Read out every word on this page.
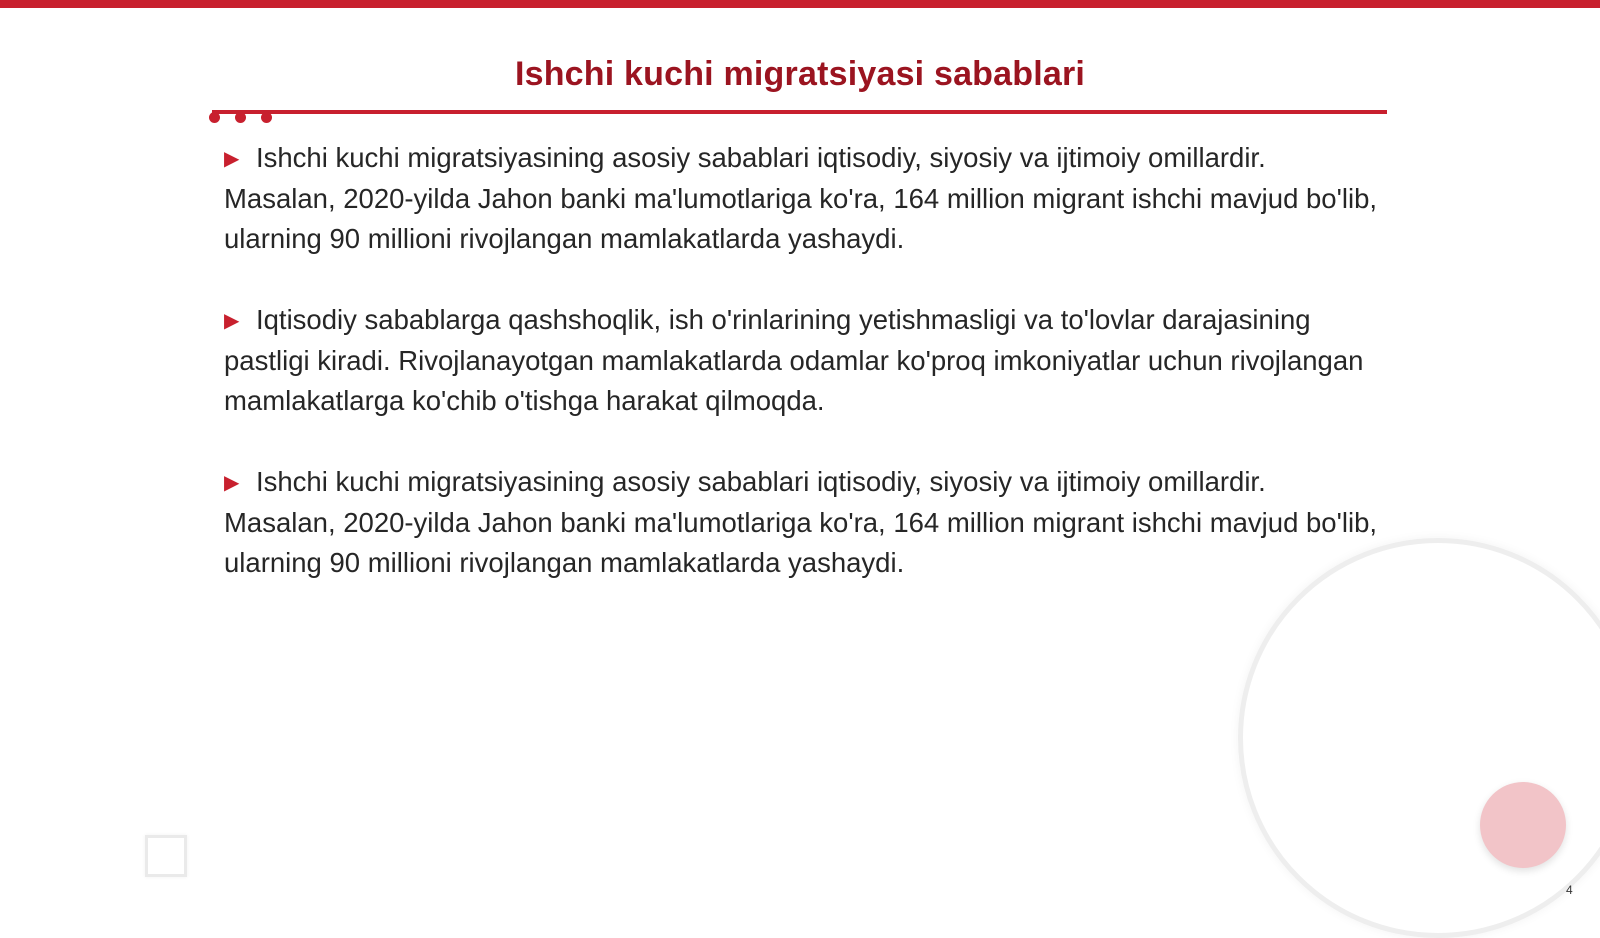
Ishchi kuchi migratsiyasi sabablari

▶ Ishchi kuchi migratsiyasining asosiy sabablari iqtisodiy, siyosiy va ijtimoiy omillardir. Masalan, 2020-yilda Jahon banki ma'lumotlariga ko'ra, 164 million migrant ishchi mavjud bo'lib, ularning 90 millioni rivojlangan mamlakatlarda yashaydi.

▶ Iqtisodiy sabablarga qashshoqlik, ish o'rinlarining yetishmasligi va to'lovlar darajasining pastligi kiradi. Rivojlanayotgan mamlakatlarda odamlar ko'proq imkoniyatlar uchun rivojlangan mamlakatlarga ko'chib o'tishga harakat qilmoqda.

▶ Ishchi kuchi migratsiyasining asosiy sabablari iqtisodiy, siyosiy va ijtimoiy omillardir. Masalan, 2020-yilda Jahon banki ma'lumotlariga ko'ra, 164 million migrant ishchi mavjud bo'lib, ularning 90 millioni rivojlangan mamlakatlarda yashaydi.

4
